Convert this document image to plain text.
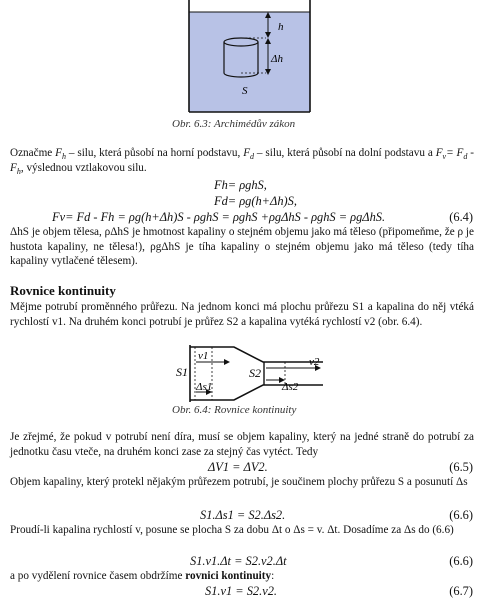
h
Δh
S
Obr. 6.3: Archimédův zákon

Označme $F_h$ – silu, která působí na horní podstavu, $F_d$ – silu, která působí na dolní podstavu a $F_v= F_d - F_h$, výslednou vztlakovou silu.

Fh= ρghS,
Fd= ρg(h+Δh)S,
Fv= Fd - Fh = ρg(h+Δh)S - ρghS = ρghS +ρgΔhS - ρghS = ρgΔhS.	(6.4)

ΔhS je objem tělesa, ρΔhS je hmotnost kapaliny o stejném objemu jako má těleso (připomeňme, že ρ je hustota kapaliny, ne tělesa!), ρgΔhS je tíha kapaliny o stejném objemu jako má těleso (tedy tíha kapaliny vytlačené tělesem).

Rovnice kontinuity

Mějme potrubí proměnného průřezu. Na jednom konci má plochu průřezu S1 a kapalina do něj vtéká rychlostí v1. Na druhém konci potrubí je průřez S2 a kapalina vytéká rychlostí v2 (obr. 6.4).

S1
v1
Δs1
S2
v2
Δs2
Obr. 6.4: Rovnice kontinuity

Je zřejmé, že pokud v potrubí není díra, musí se objem kapaliny, který na jedné straně do potrubí za jednotku času vteče, na druhém konci zase za stejný čas vytéct. Tedy

ΔV1 = ΔV2.	(6.5)

Objem kapaliny, který protekl nějakým průřezem potrubí, je součinem plochy průřezu S a posunutí Δs

S1.Δs1 = S2.Δs2.	(6.6)

Proudí-li kapalina rychlostí v, posune se plocha S za dobu Δt o Δs = v. Δt. Dosadíme za Δs do (6.6)

S1.v1.Δt = S2.v2.Δt	(6.6)

a po vydělení rovnice časem obdržíme rovnici kontinuity:

S1.v1 = S2.v2.	(6.7)
